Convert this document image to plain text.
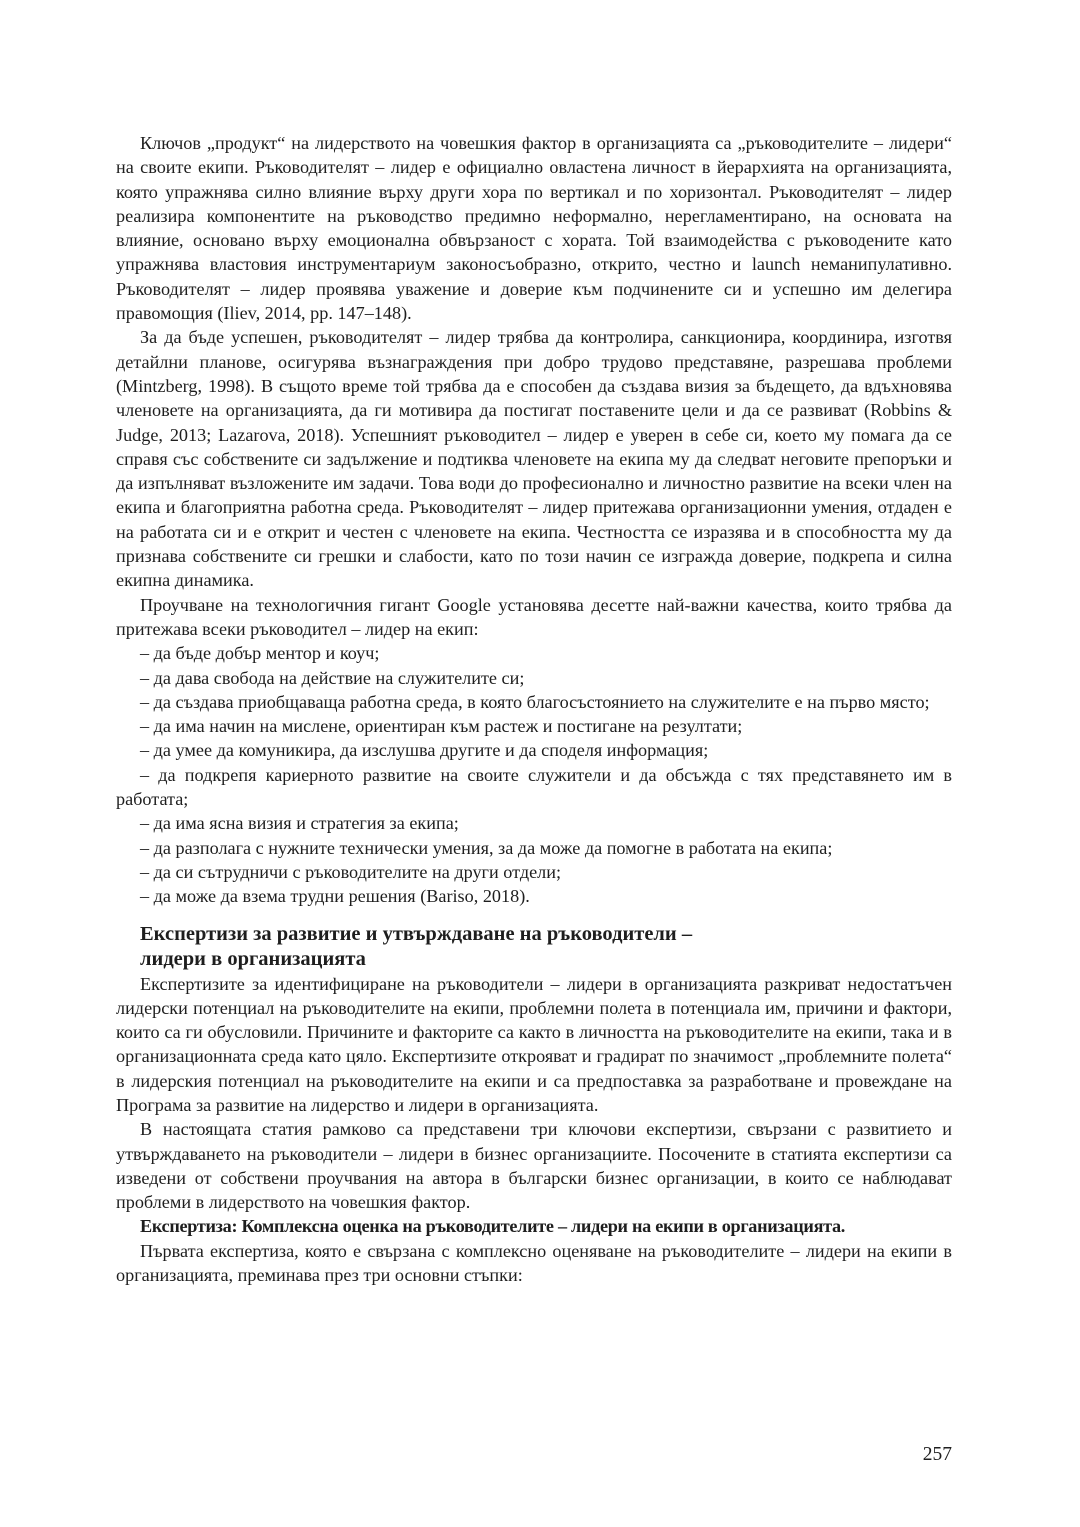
Ключов „продукт“ на лидерството на човешкия фактор в организацията са „ръководителите – лидери“ на своите екипи. Ръководителят – лидер е официално овластена личност в йерархията на организацията, която упражнява силно влияние върху други хора по вертикал и по хоризонтал. Ръководителят – лидер реализира компонентите на ръководство предимно неформално, нерегламентирано, на основата на влияние, основано върху емоционална обвързаност с хората. Той взаимодейства с ръководените като упражнява властовия инструментариум законосъобразно, открито, честно и launch неманипулативно. Ръководителят – лидер проявява уважение и доверие към подчинените си и успешно им делегира правомощия (Iliev, 2014, pp. 147–148).

За да бъде успешен, ръководителят – лидер трябва да контролира, санкционира, координира, изготвя детайлни планове, осигурява възнаграждения при добро трудово представяне, разрешава проблеми (Mintzberg, 1998). В същото време той трябва да е способен да създава визия за бъдещето, да вдъхновява членовете на организацията, да ги мотивира да постигат поставените цели и да се развиват (Robbins & Judge, 2013; Lazarova, 2018). Успешният ръководител – лидер е уверен в себе си, което му помага да се справя със собствените си задължение и подтиква членовете на екипа му да следват неговите препоръки и да изпълняват възложените им задачи. Това води до професионално и личностно развитие на всеки член на екипа и благоприятна работна среда. Ръководителят – лидер притежава организационни умения, отдаден е на работата си и е открит и честен с членовете на екипа. Честността се изразява и в способността му да признава собствените си грешки и слабости, като по този начин се изгражда доверие, подкрепа и силна екипна динамика.

Проучване на технологичния гигант Google установява десетте най-важни качества, които трябва да притежава всеки ръководител – лидер на екип:

– да бъде добър ментор и коуч;
– да дава свобода на действие на служителите си;
– да създава приобщаваща работна среда, в която благосъстоянието на служителите е на първо място;
– да има начин на мислене, ориентиран към растеж и постигане на резултати;
– да умее да комуникира, да изслушва другите и да споделя информация;
– да подкрепя кариерното развитие на своите служители и да обсъжда с тях представянето им в работата;
– да има ясна визия и стратегия за екипа;
– да разполага с нужните технически умения, за да може да помогне в работата на екипа;
– да си сътрудничи с ръководителите на други отдели;
– да може да взема трудни решения (Bariso, 2018).
Експертизи за развитие и утвърждаване на ръководители –
лидери в организацията

Експертизите за идентифициране на ръководители – лидери в организацията разкриват недостатъчен лидерски потенциал на ръководителите на екипи, проблемни полета в потенциала им, причини и фактори, които са ги обусловили. Причините и факторите са както в личността на ръководителите на екипи, така и в организационната среда като цяло. Експертизите открояват и градират по значимост „проблемните полета“ в лидерския потенциал на ръководителите на екипи и са предпоставка за разработване и провеждане на Програма за развитие на лидерство и лидери в организацията.

В настоящата статия рамково са представени три ключови експертизи, свързани с развитието и утвърждаването на ръководители – лидери в бизнес организациите. Посочените в статията експертизи са изведени от собствени проучвания на автора в български бизнес организации, в които се наблюдават проблеми в лидерството на човешкия фактор.

Експертиза: Комплексна оценка на ръководителите – лидери на екипи в организацията.

Първата експертиза, която е свързана с комплексно оценяване на ръководителите – лидери на екипи в организацията, преминава през три основни стъпки:

257
